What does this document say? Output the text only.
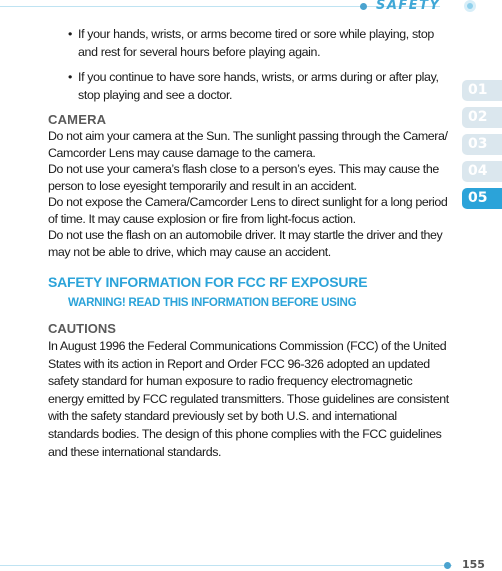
SAFETY
• If your hands, wrists, or arms become tired or sore while playing, stop and rest for several hours before playing again.
• If you continue to have sore hands, wrists, or arms during or after play, stop playing and see a doctor.
CAMERA
Do not aim your camera at the Sun. The sunlight passing through the Camera/ Camcorder Lens may cause damage to the camera.
Do not use your camera’s flash close to a person’s eyes. This may cause the person to lose eyesight temporarily and result in an accident.
Do not expose the Camera/Camcorder Lens to direct sunlight for a long period of time. It may cause explosion or fire from light-focus action.
Do not use the flash on an automobile driver. It may startle the driver and they may not be able to drive, which may cause an accident.
SAFETY INFORMATION FOR FCC RF EXPOSURE
WARNING! READ THIS INFORMATION BEFORE USING
CAUTIONS
In August 1996 the Federal Communications Commission (FCC) of the United States with its action in Report and Order FCC 96-326 adopted an updated safety standard for human exposure to radio frequency electromagnetic energy emitted by FCC regulated transmitters. Those guidelines are consistent with the safety standard previously set by both U.S. and international standards bodies. The design of this phone complies with the FCC guidelines and these international standards.
01
02
03
04
05
155
